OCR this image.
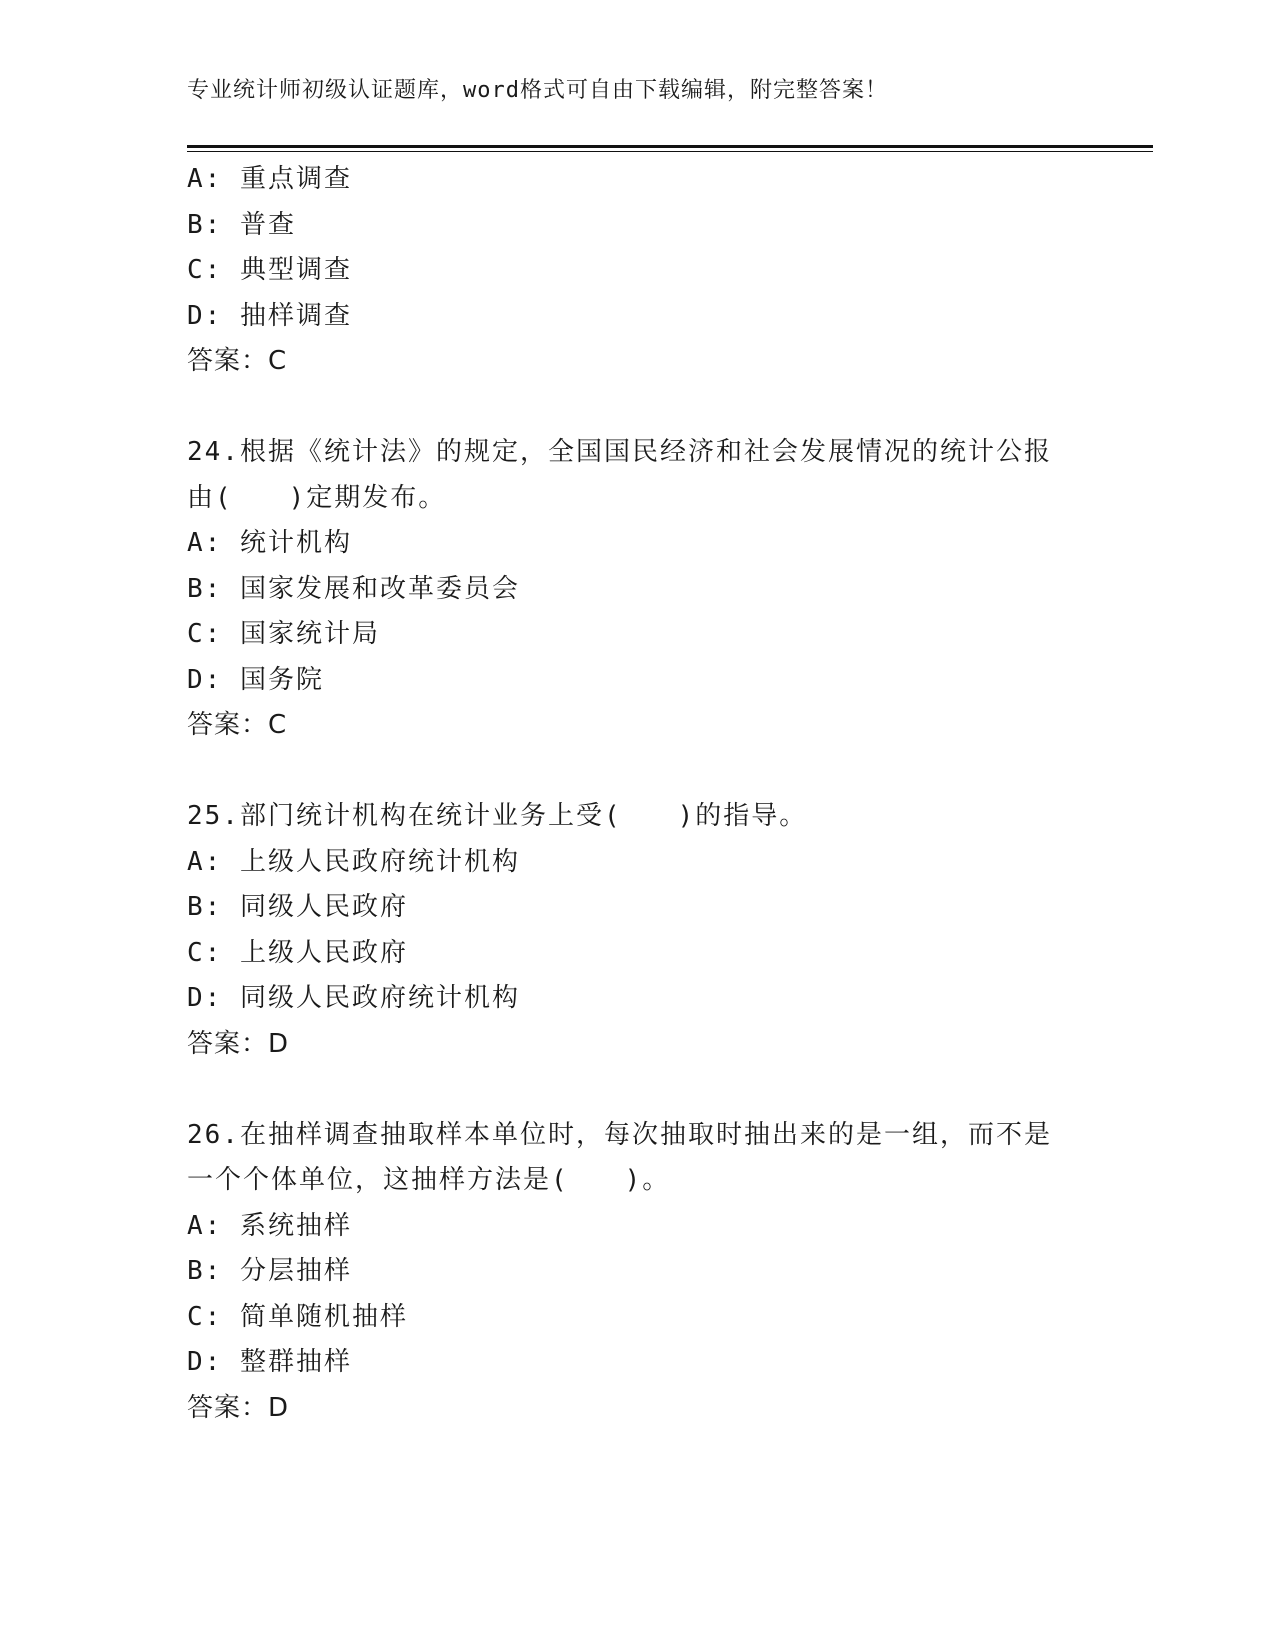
专业统计师初级认证题库，word格式可自由下载编辑，附完整答案！
A: 重点调查
B: 普查
C: 典型调查
D: 抽样调查
答案：C
24.根据《统计法》的规定，全国国民经济和社会发展情况的统计公报
由(　　)定期发布。
A: 统计机构
B: 国家发展和改革委员会
C: 国家统计局
D: 国务院
答案：C
25.部门统计机构在统计业务上受(　　)的指导。
A: 上级人民政府统计机构
B: 同级人民政府
C: 上级人民政府
D: 同级人民政府统计机构
答案：D
26.在抽样调查抽取样本单位时，每次抽取时抽出来的是一组，而不是
一个个体单位，这抽样方法是(　　)。
A: 系统抽样
B: 分层抽样
C: 简单随机抽样
D: 整群抽样
答案：D
